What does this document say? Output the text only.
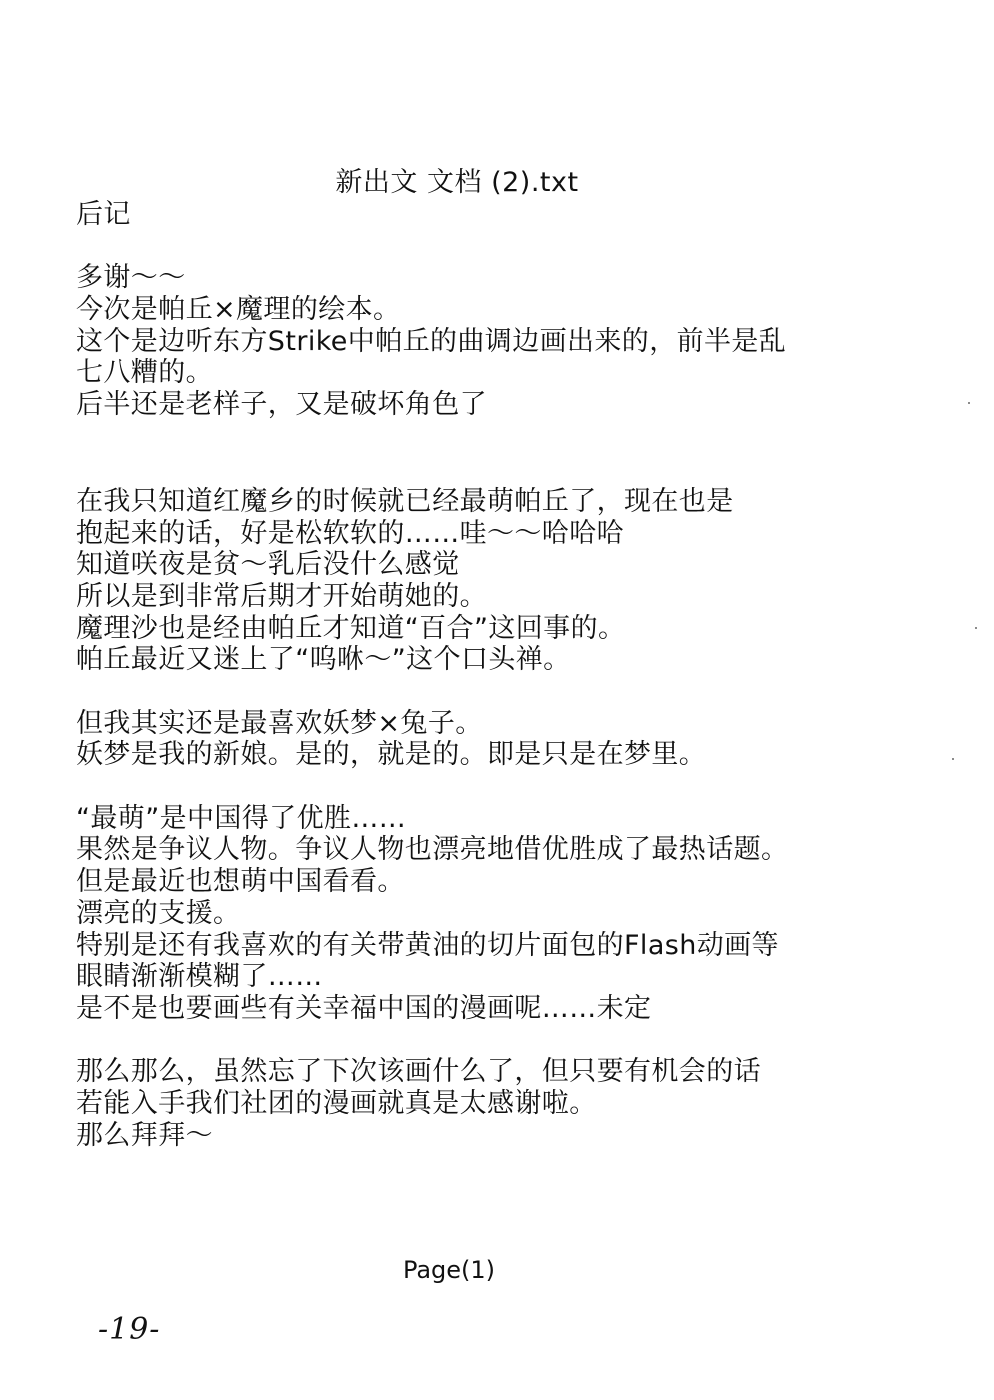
新出文 文档 (2).txt
后记
多谢～～
今次是帕丘×魔理的绘本。
这个是边听东方Strike中帕丘的曲调边画出来的，前半是乱
七八糟的。
后半还是老样子，又是破坏角色了
在我只知道红魔乡的时候就已经最萌帕丘了，现在也是
抱起来的话，好是松软软的……哇～～哈哈哈
知道咲夜是贫～乳后没什么感觉
所以是到非常后期才开始萌她的。
魔理沙也是经由帕丘才知道“百合”这回事的。
帕丘最近又迷上了“呜咻～”这个口头禅。
但我其实还是最喜欢妖梦×兔子。
妖梦是我的新娘。是的，就是的。即是只是在梦里。
“最萌”是中国得了优胜……
果然是争议人物。争议人物也漂亮地借优胜成了最热话题。
但是最近也想萌中国看看。
漂亮的支援。
特别是还有我喜欢的有关带黄油的切片面包的Flash动画等
眼睛渐渐模糊了……
是不是也要画些有关幸福中国的漫画呢……未定
那么那么，虽然忘了下次该画什么了，但只要有机会的话
若能入手我们社团的漫画就真是太感谢啦。
那么拜拜～
Page(1)
-19-
